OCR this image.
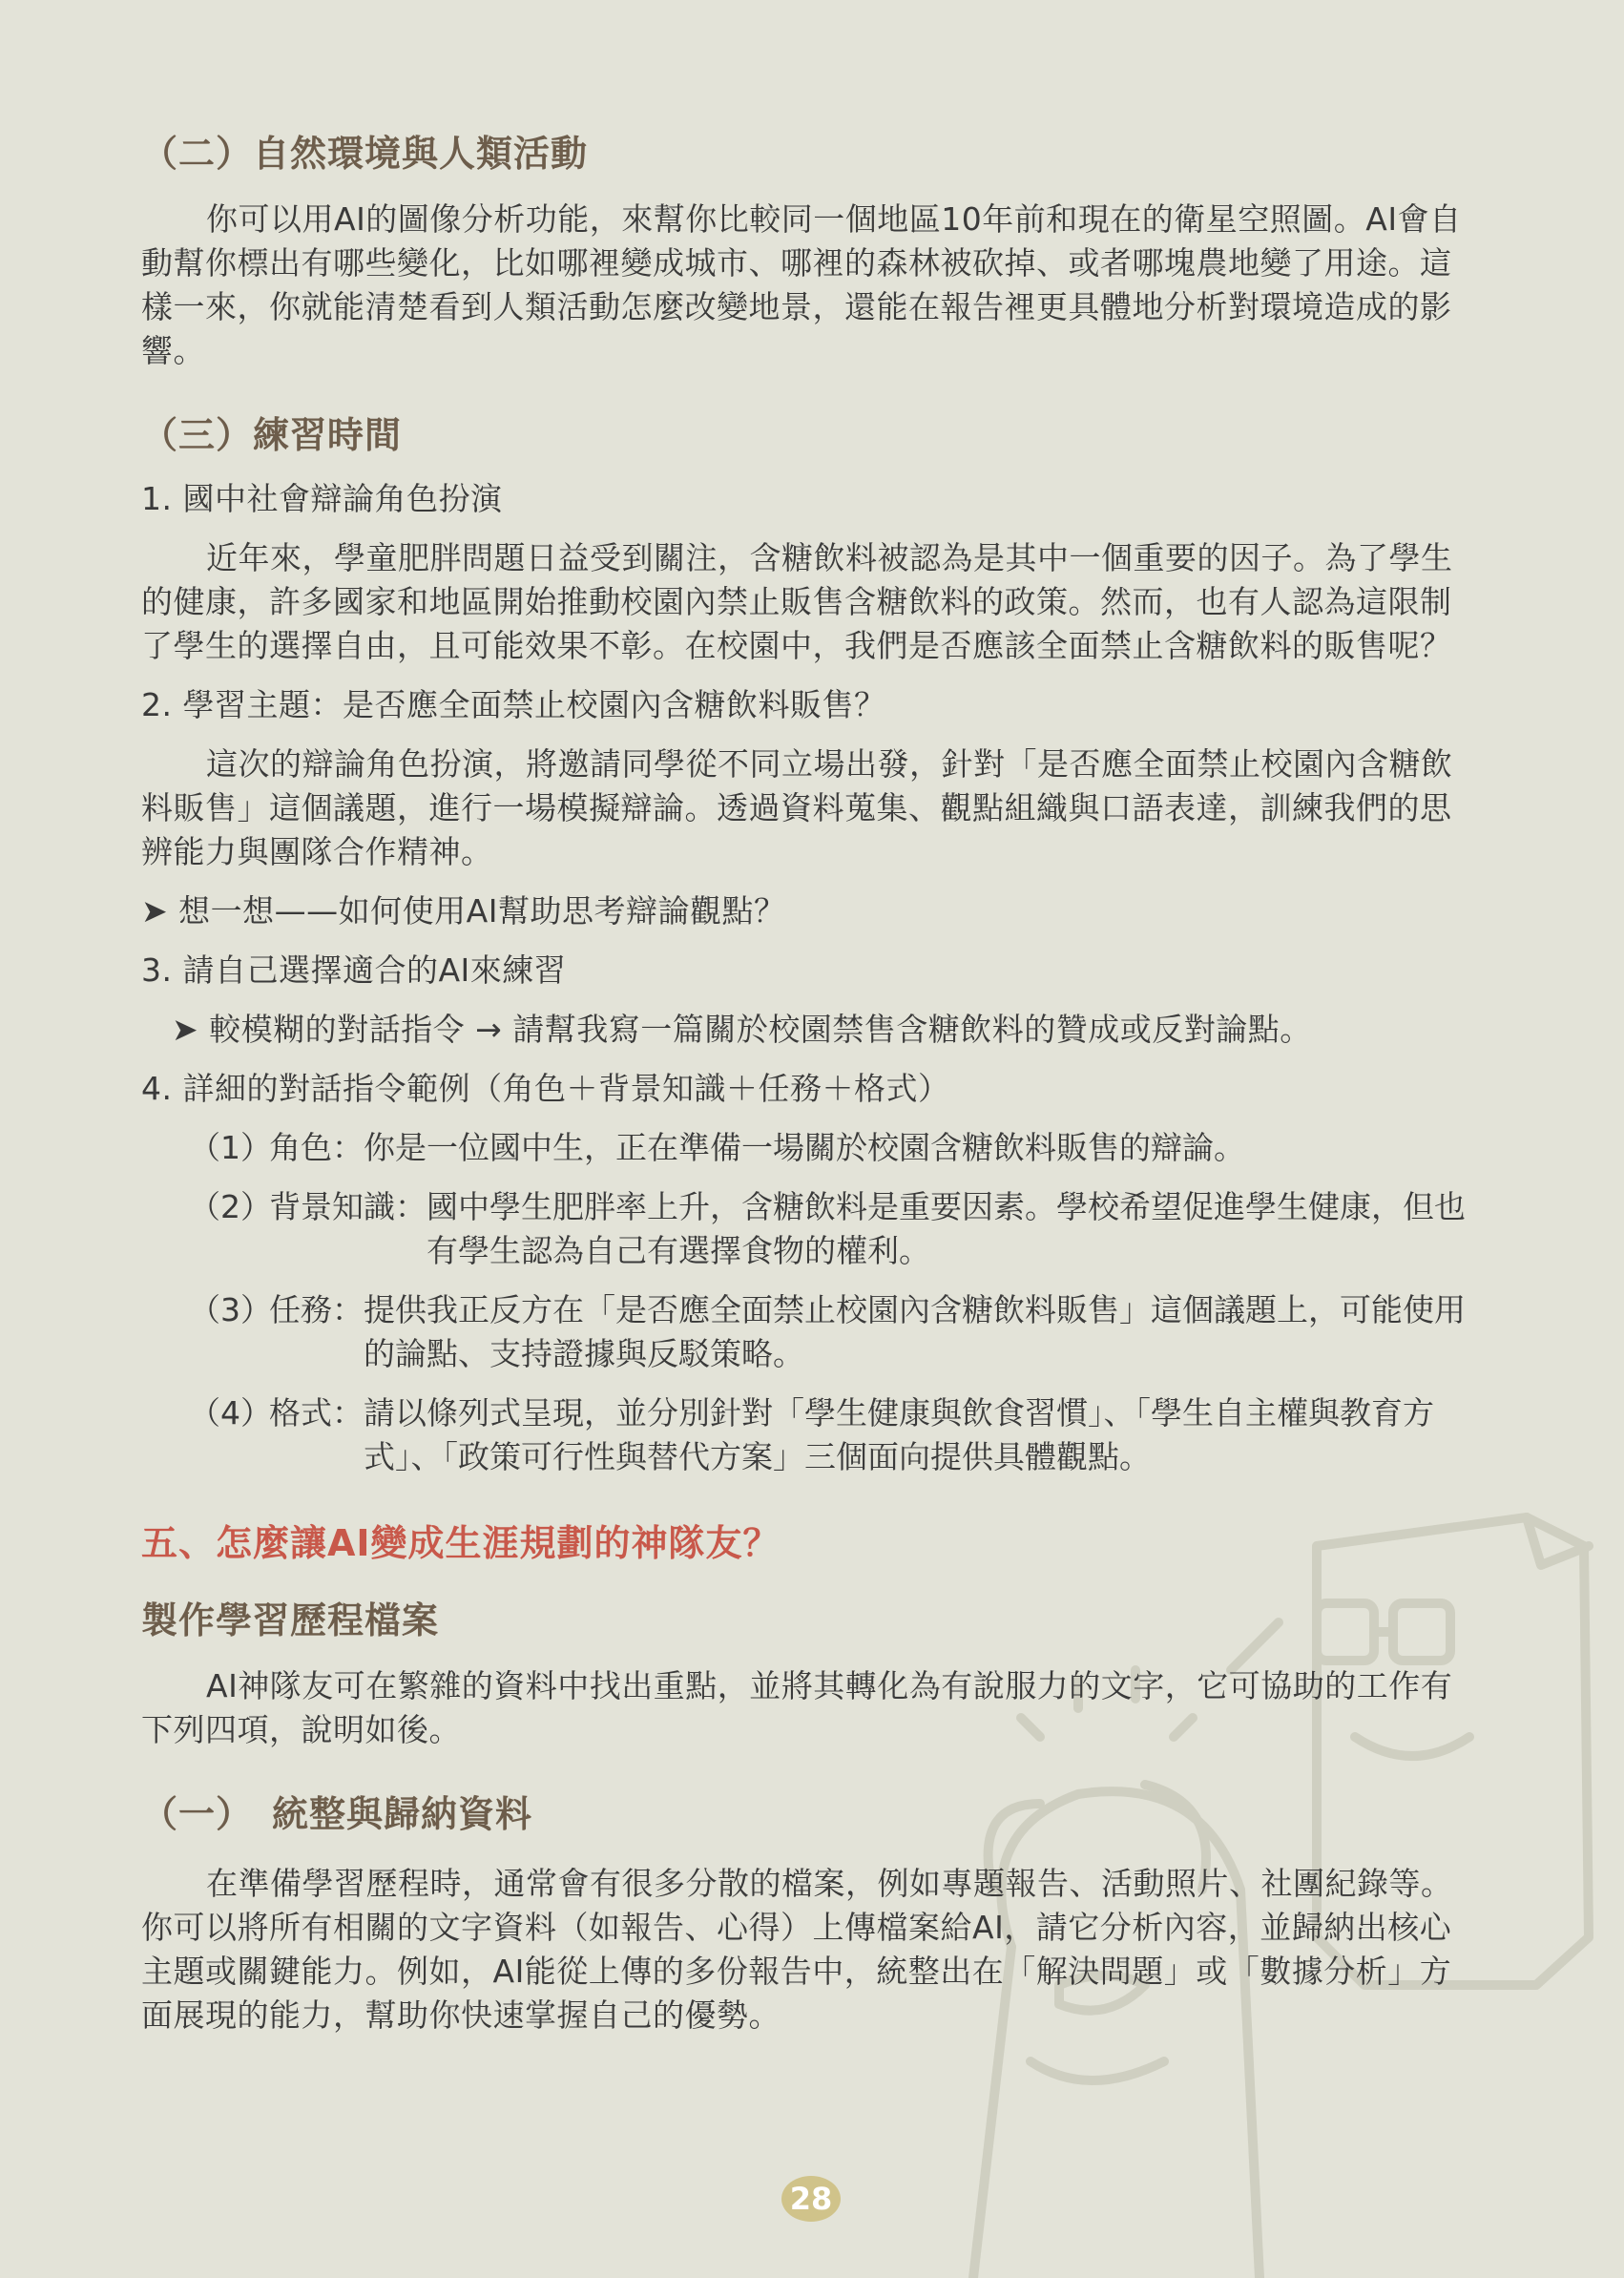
（二）自然環境與人類活動

你可以用AI的圖像分析功能，來幫你比較同一個地區10年前和現在的衛星空照圖。AI會自動幫你標出有哪些變化，比如哪裡變成城市、哪裡的森林被砍掉、或者哪塊農地變了用途。這樣一來，你就能清楚看到人類活動怎麼改變地景，還能在報告裡更具體地分析對環境造成的影響。

（三）練習時間

1. 國中社會辯論角色扮演

近年來，學童肥胖問題日益受到關注，含糖飲料被認為是其中一個重要的因子。為了學生的健康，許多國家和地區開始推動校園內禁止販售含糖飲料的政策。然而，也有人認為這限制了學生的選擇自由，且可能效果不彰。在校園中，我們是否應該全面禁止含糖飲料的販售呢？

2. 學習主題：是否應全面禁止校園內含糖飲料販售？

這次的辯論角色扮演，將邀請同學從不同立場出發，針對「是否應全面禁止校園內含糖飲料販售」這個議題，進行一場模擬辯論。透過資料蒐集、觀點組織與口語表達，訓練我們的思辨能力與團隊合作精神。

➤ 想一想——如何使用AI幫助思考辯論觀點？

3. 請自己選擇適合的AI來練習

➤ 較模糊的對話指令 → 請幫我寫一篇關於校園禁售含糖飲料的贊成或反對論點。

4. 詳細的對話指令範例（角色＋背景知識＋任務＋格式）

（1）
角色： 你是一位國中生，正在準備一場關於校園含糖飲料販售的辯論。
（2）
背景知識： 國中學生肥胖率上升，含糖飲料是重要因素。學校希望促進學生健康，但也有學生認為自己有選擇食物的權利。
（3）
任務： 提供我正反方在「是否應全面禁止校園內含糖飲料販售」這個議題上，可能使用的論點、支持證據與反駁策略。
（4）
格式： 請以條列式呈現，並分別針對「學生健康與飲食習慣」、「學生自主權與教育方式」、「政策可行性與替代方案」三個面向提供具體觀點。
五、怎麼讓AI變成生涯規劃的神隊友？
製作學習歷程檔案

AI神隊友可在繁雜的資料中找出重點，並將其轉化為有說服力的文字，它可協助的工作有下列四項，說明如後。

（一）　統整與歸納資料

在準備學習歷程時，通常會有很多分散的檔案，例如專題報告、活動照片、社團紀錄等。你可以將所有相關的文字資料（如報告、心得）上傳檔案給AI，請它分析內容，並歸納出核心主題或關鍵能力。例如，AI能從上傳的多份報告中，統整出在「解決問題」或「數據分析」方面展現的能力，幫助你快速掌握自己的優勢。

28
